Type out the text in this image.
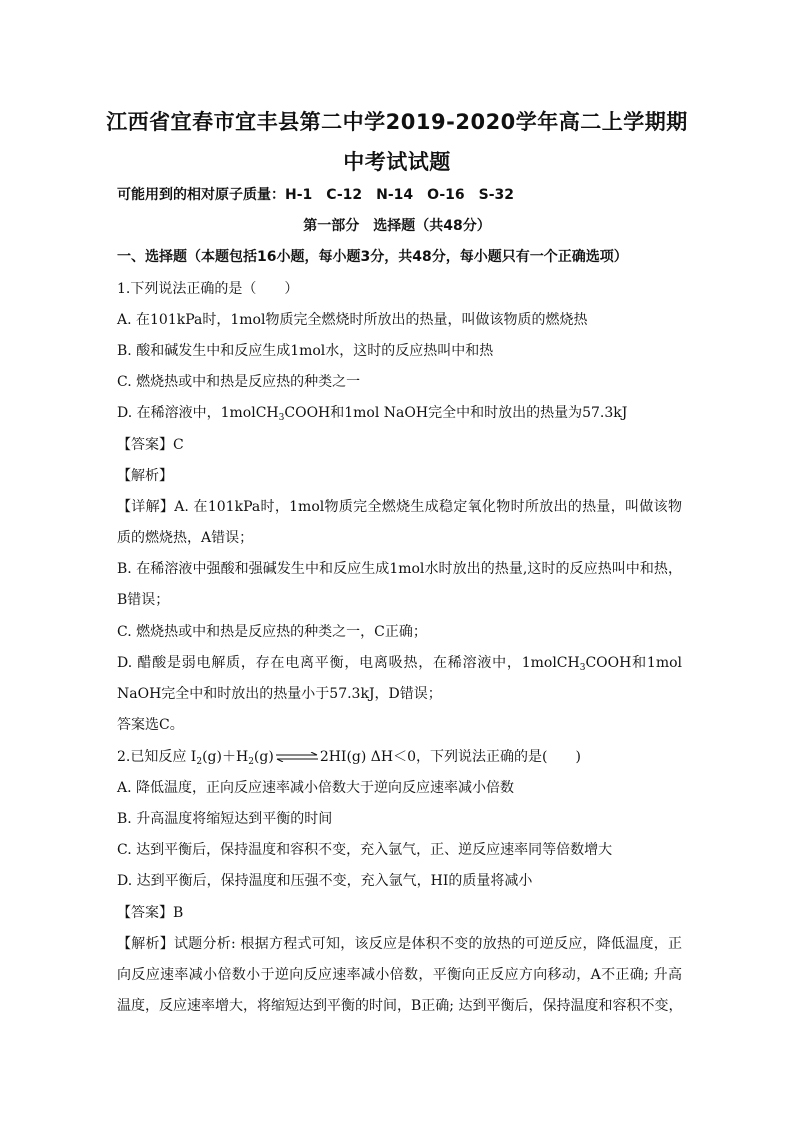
江西省宜春市宜丰县第二中学2019-2020学年高二上学期期
中考试试题
可能用到的相对原子质量：H-1　C-12　N-14　O-16　S-32
第一部分　选择题（共48分）
一、选择题（本题包括16小题，每小题3分，共48分，每小题只有一个正确选项）
1.下列说法正确的是（　　）
A. 在101kPa时，1mol物质完全燃烧时所放出的热量，叫做该物质的燃烧热
B. 酸和碱发生中和反应生成1mol水，这时的反应热叫中和热
C. 燃烧热或中和热是反应热的种类之一
D. 在稀溶液中，1molCH$_3$COOH和1mol NaOH完全中和时放出的热量为57.3kJ
【答案】C
【解析】
【详解】A. 在101kPa时，1mol物质完全燃烧生成稳定氧化物时所放出的热量，叫做该物
质的燃烧热，A错误；
B. 在稀溶液中强酸和强碱发生中和反应生成1mol水时放出的热量,这时的反应热叫中和热，
B错误；
C. 燃烧热或中和热是反应热的种类之一，C正确；
D. 醋酸是弱电解质，存在电离平衡，电离吸热，在稀溶液中，1molCH$_3$COOH和1mol
NaOH完全中和时放出的热量小于57.3kJ，D错误；
答案选C。
2.已知反应 $I_2(g)+H_2(g)\rightleftharpoons 2HI(g)$ ΔH＜0，下列说法正确的是(　　)
A. 降低温度，正向反应速率减小倍数大于逆向反应速率减小倍数
B. 升高温度将缩短达到平衡的时间
C. 达到平衡后，保持温度和容积不变，充入氩气，正、逆反应速率同等倍数增大
D. 达到平衡后，保持温度和压强不变，充入氩气，HI的质量将减小
【答案】B
【解析】试题分析: 根据方程式可知，该反应是体积不变的放热的可逆反应，降低温度，正
向反应速率减小倍数小于逆向反应速率减小倍数，平衡向正反应方向移动，A不正确; 升高
温度，反应速率增大，将缩短达到平衡的时间，B正确; 达到平衡后，保持温度和容积不变，
